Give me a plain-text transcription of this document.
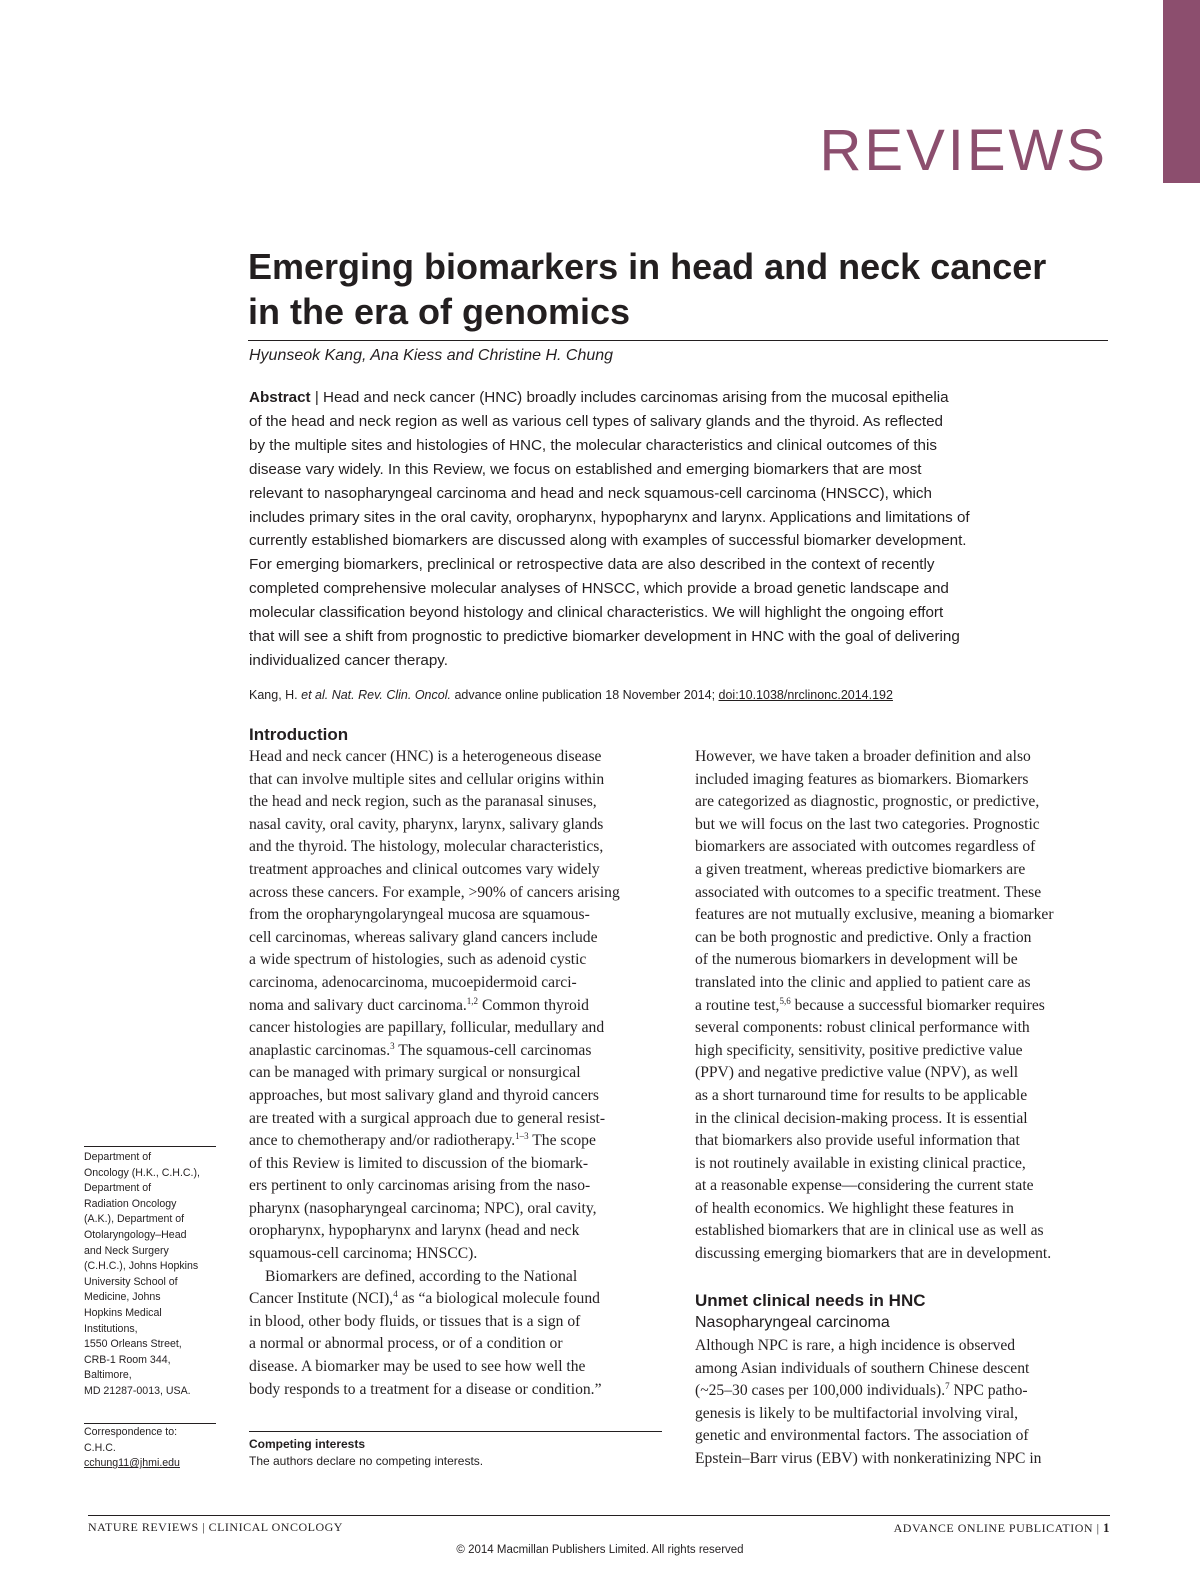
REVIEWS
Emerging biomarkers in head and neck cancer
in the era of genomics
Hyunseok Kang, Ana Kiess and Christine H. Chung
Abstract | Head and neck cancer (HNC) broadly includes carcinomas arising from the mucosal epithelia
of the head and neck region as well as various cell types of salivary glands and the thyroid. As reflected
by the multiple sites and histologies of HNC, the molecular characteristics and clinical outcomes of this
disease vary widely. In this Review, we focus on established and emerging biomarkers that are most
relevant to nasopharyngeal carcinoma and head and neck squamous-cell carcinoma (HNSCC), which
includes primary sites in the oral cavity, oropharynx, hypopharynx and larynx. Applications and limitations of
currently established biomarkers are discussed along with examples of successful biomarker development.
For emerging biomarkers, preclinical or retrospective data are also described in the context of recently
completed comprehensive molecular analyses of HNSCC, which provide a broad genetic landscape and
molecular classification beyond histology and clinical characteristics. We will highlight the ongoing effort
that will see a shift from prognostic to predictive biomarker development in HNC with the goal of delivering
individualized cancer therapy.
Kang, H. et al. Nat. Rev. Clin. Oncol. advance online publication 18 November 2014; doi:10.1038/nrclinonc.2014.192
Introduction
Head and neck cancer (HNC) is a heterogeneous disease
that can involve multiple sites and cellular origins within
the head and neck region, such as the paranasal sinuses,
nasal cavity, oral cavity, pharynx, larynx, salivary glands
and the thyroid. The histology, molecular characteristics,
treatment approaches and clinical outcomes vary widely
across these cancers. For example, >90% of cancers arising
from the oropharyngolaryngeal mucosa are squamous-
cell carcinomas, whereas salivary gland cancers include
a wide spectrum of histologies, such as adenoid cystic
carcinoma, adenocarcinoma, mucoepidermoid carci-
noma and salivary duct carcinoma.$^{1,2}$ Common thyroid
cancer histologies are papillary, follicular, medullary and
anaplastic carcinomas.$^3$ The squamous-cell carcinomas
can be managed with primary surgical or nonsurgical
approaches, but most salivary gland and thyroid cancers
are treated with a surgical approach due to general resist-
ance to chemotherapy and/or radiotherapy.$^{1-3}$ The scope
of this Review is limited to discussion of the biomark-
ers pertinent to only carcinomas arising from the naso-
pharynx (nasopharyngeal carcinoma; NPC), oral cavity,
oropharynx, hypopharynx and larynx (head and neck
squamous-cell carcinoma; HNSCC).
Biomarkers are defined, according to the National
Cancer Institute (NCI),$^4$ as “a biological molecule found
in blood, other body fluids, or tissues that is a sign of
a normal or abnormal process, or of a condition or
disease. A biomarker may be used to see how well the
body responds to a treatment for a disease or condition.”
However, we have taken a broader definition and also
included imaging features as biomarkers. Biomarkers
are categorized as diagnostic, prognostic, or predictive,
but we will focus on the last two categories. Prognostic
biomarkers are associated with outcomes regardless of
a given treatment, whereas predictive biomarkers are
associated with outcomes to a specific treatment. These
features are not mutually exclusive, meaning a biomarker
can be both prognostic and predictive. Only a fraction
of the numerous biomarkers in development will be
translated into the clinic and applied to patient care as
a routine test,$^{5,6}$ because a successful biomarker requires
several components: robust clinical performance with
high specificity, sensitivity, positive predictive value
(PPV) and negative predictive value (NPV), as well
as a short turnaround time for results to be applicable
in the clinical decision-making process. It is essential
that biomarkers also provide useful information that
is not routinely available in existing clinical practice,
at a reasonable expense—considering the current state
of health economics. We highlight these features in
established biomarkers that are in clinical use as well as
discussing emerging biomarkers that are in development.
Unmet clinical needs in HNC
Nasopharyngeal carcinoma
Although NPC is rare, a high incidence is observed
among Asian individuals of southern Chinese descent
(~25–30 cases per 100,000 individuals).$^7$ NPC patho-
genesis is likely to be multifactorial involving viral,
genetic and environmental factors. The association of
Epstein–Barr virus (EBV) with nonkeratinizing NPC in
Department of
Oncology (H.K., C.H.C.),
Department of
Radiation Oncology
(A.K.), Department of
Otolaryngology–Head
and Neck Surgery
(C.H.C.), Johns Hopkins
University School of
Medicine, Johns
Hopkins Medical
Institutions,
1550 Orleans Street,
CRB-1 Room 344,
Baltimore,
MD 21287-0013, USA.
Correspondence to:
C.H.C.
cchung11@jhmi.edu
Competing interests
The authors declare no competing interests.
NATURE REVIEWS | CLINICAL ONCOLOGY	ADVANCE ONLINE PUBLICATION | 1
© 2014 Macmillan Publishers Limited. All rights reserved
